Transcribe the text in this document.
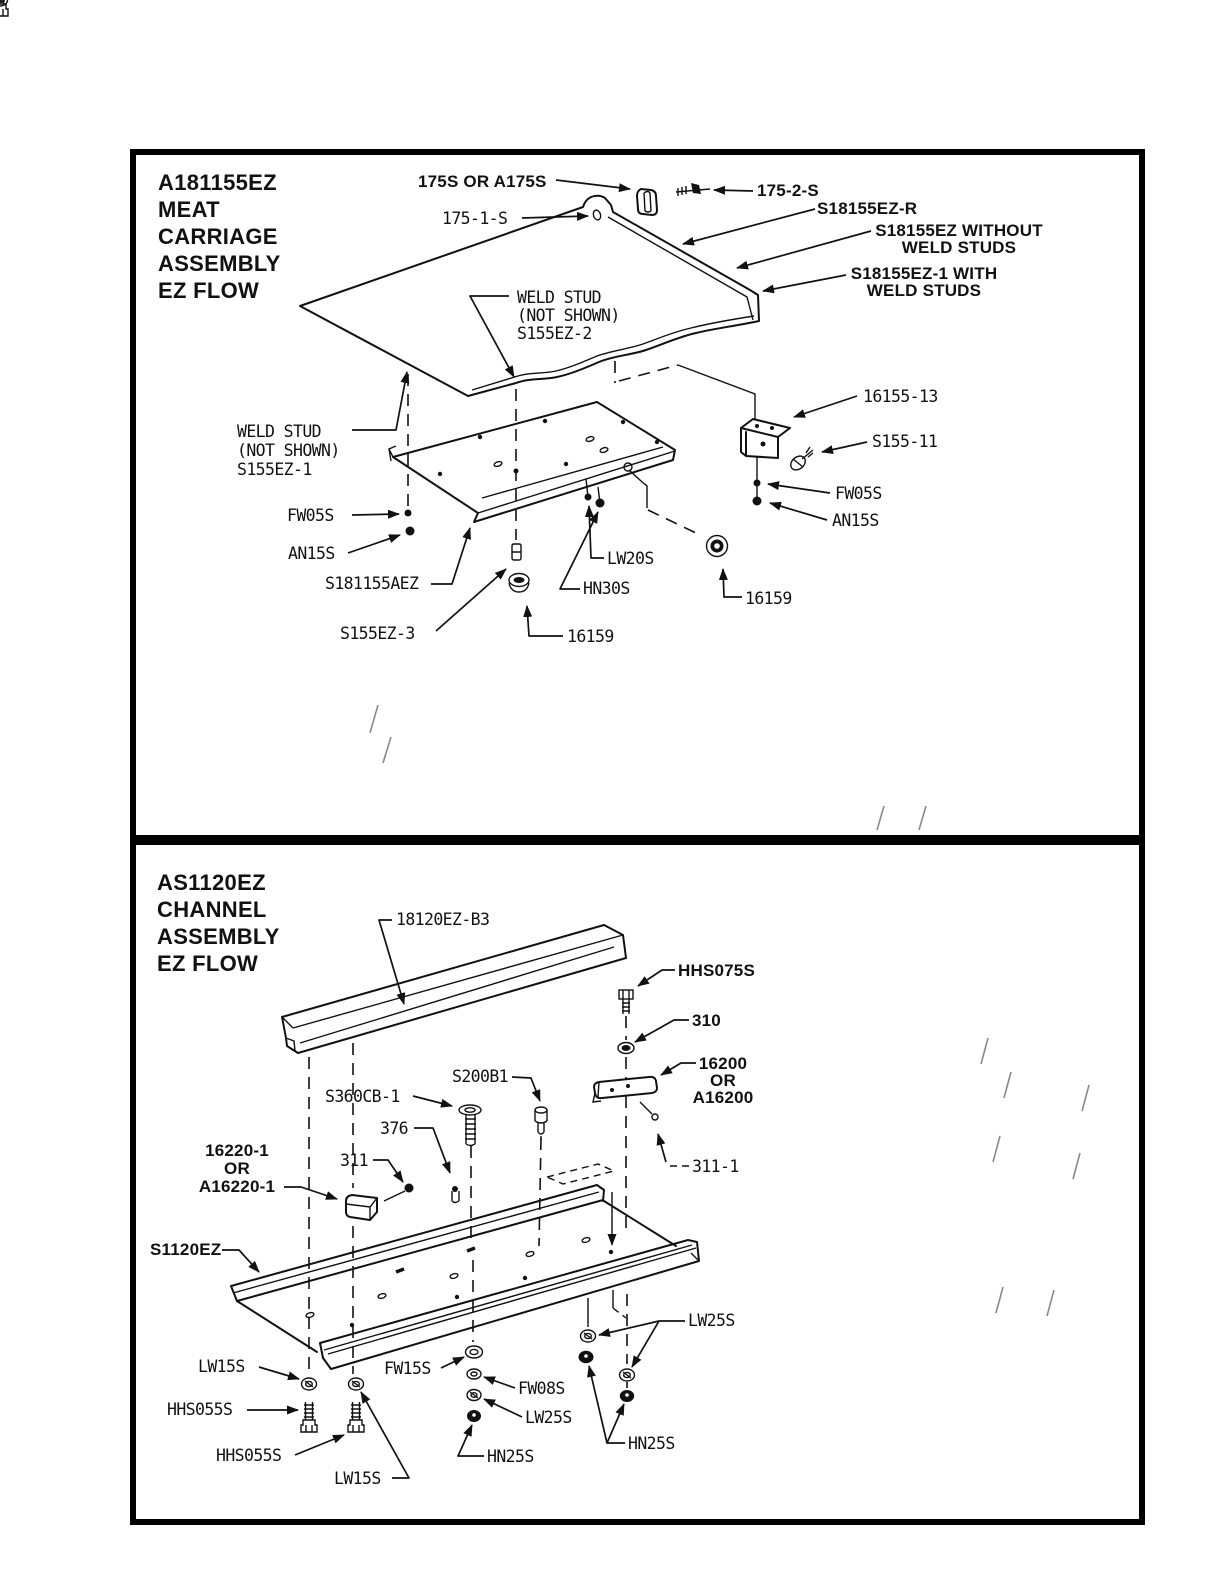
A181155EZ
MEAT
CARRIAGE
ASSEMBLY
EZ FLOW
175S OR A175S
175-1-S
175-2-S
S18155EZ-R
S18155EZ WITHOUT
WELD STUDS
S18155EZ-1 WITH
WELD STUDS
WELD STUD
(NOT SHOWN)
S155EZ-2
WELD STUD
(NOT SHOWN)
S155EZ-1
16155-13
S155-11
FW05S
AN15S
FW05S
AN15S
S181155AEZ
LW20S
HN30S
S155EZ-3	16159
16159
AS1120EZ
CHANNEL
ASSEMBLY
EZ FLOW
18120EZ-B3
HHS075S
310
16200
OR
A16200
311-1
S200B1
S360CB-1
376
311
16220-1
OR
A16220-1
S1120EZ
LW15S
HHS055S
HHS055S
LW15S
FW15S
FW08S
LW25S
HN25S
LW25S
HN25S
